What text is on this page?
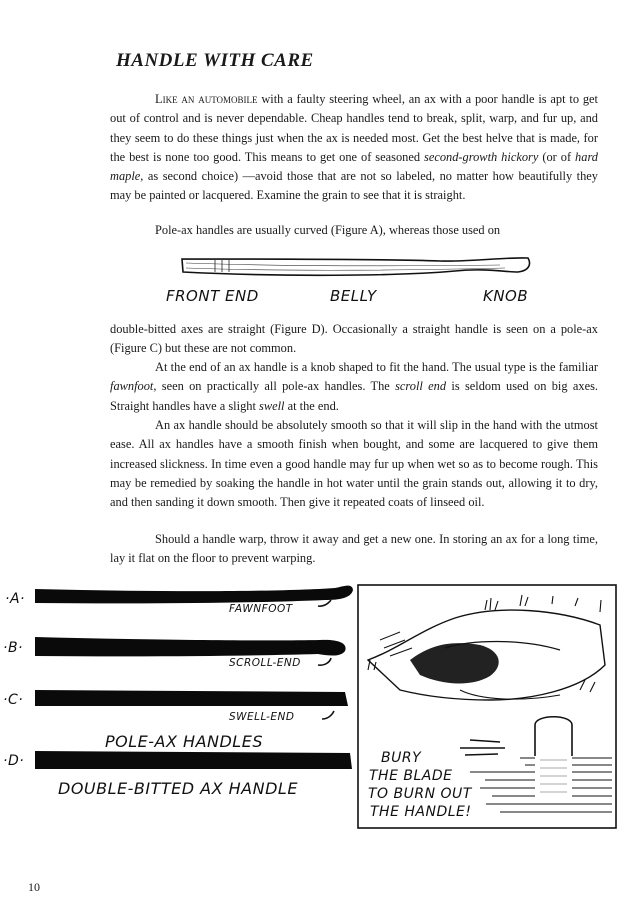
HANDLE WITH CARE

Like an automobile with a faulty steering wheel, an ax with a poor handle is apt to get out of control and is never dependable. Cheap handles tend to break, split, warp, and fur up, and they seem to do these things just when the ax is needed most. Get the best helve that is made, for the best is none too good. This means to get one of seasoned second-growth hickory (or of hard maple, as second choice) —avoid those that are not so labeled, no matter how beautifully they may be painted or lacquered. Examine the grain to see that it is straight.

Pole-ax handles are usually curved (Figure A), whereas those used on

FRONT END	BELLY	KNOB
·A·
FAWNFOOT
·B·
SCROLL-END
·C·
SWELL-END
POLE-AX HANDLES
·D·
DOUBLE-BITTED AX HANDLE
BURY
THE BLADE
TO BURN OUT
THE HANDLE!

double-bitted axes are straight (Figure D). Occasionally a straight handle is seen on a pole-ax (Figure C) but these are not common.

At the end of an ax handle is a knob shaped to fit the hand. The usual type is the familiar fawnfoot, seen on practically all pole-ax handles. The scroll end is seldom used on big axes. Straight handles have a slight swell at the end.

An ax handle should be absolutely smooth so that it will slip in the hand with the utmost ease. All ax handles have a smooth finish when bought, and some are lacquered to give them increased slickness. In time even a good handle may fur up when wet so as to become rough. This may be remedied by soaking the handle in hot water until the grain stands out, allowing it to dry, and then sanding it down smooth. Then give it repeated coats of linseed oil.

Should a handle warp, throw it away and get a new one. In storing an ax for a long time, lay it flat on the floor to prevent warping.

10
